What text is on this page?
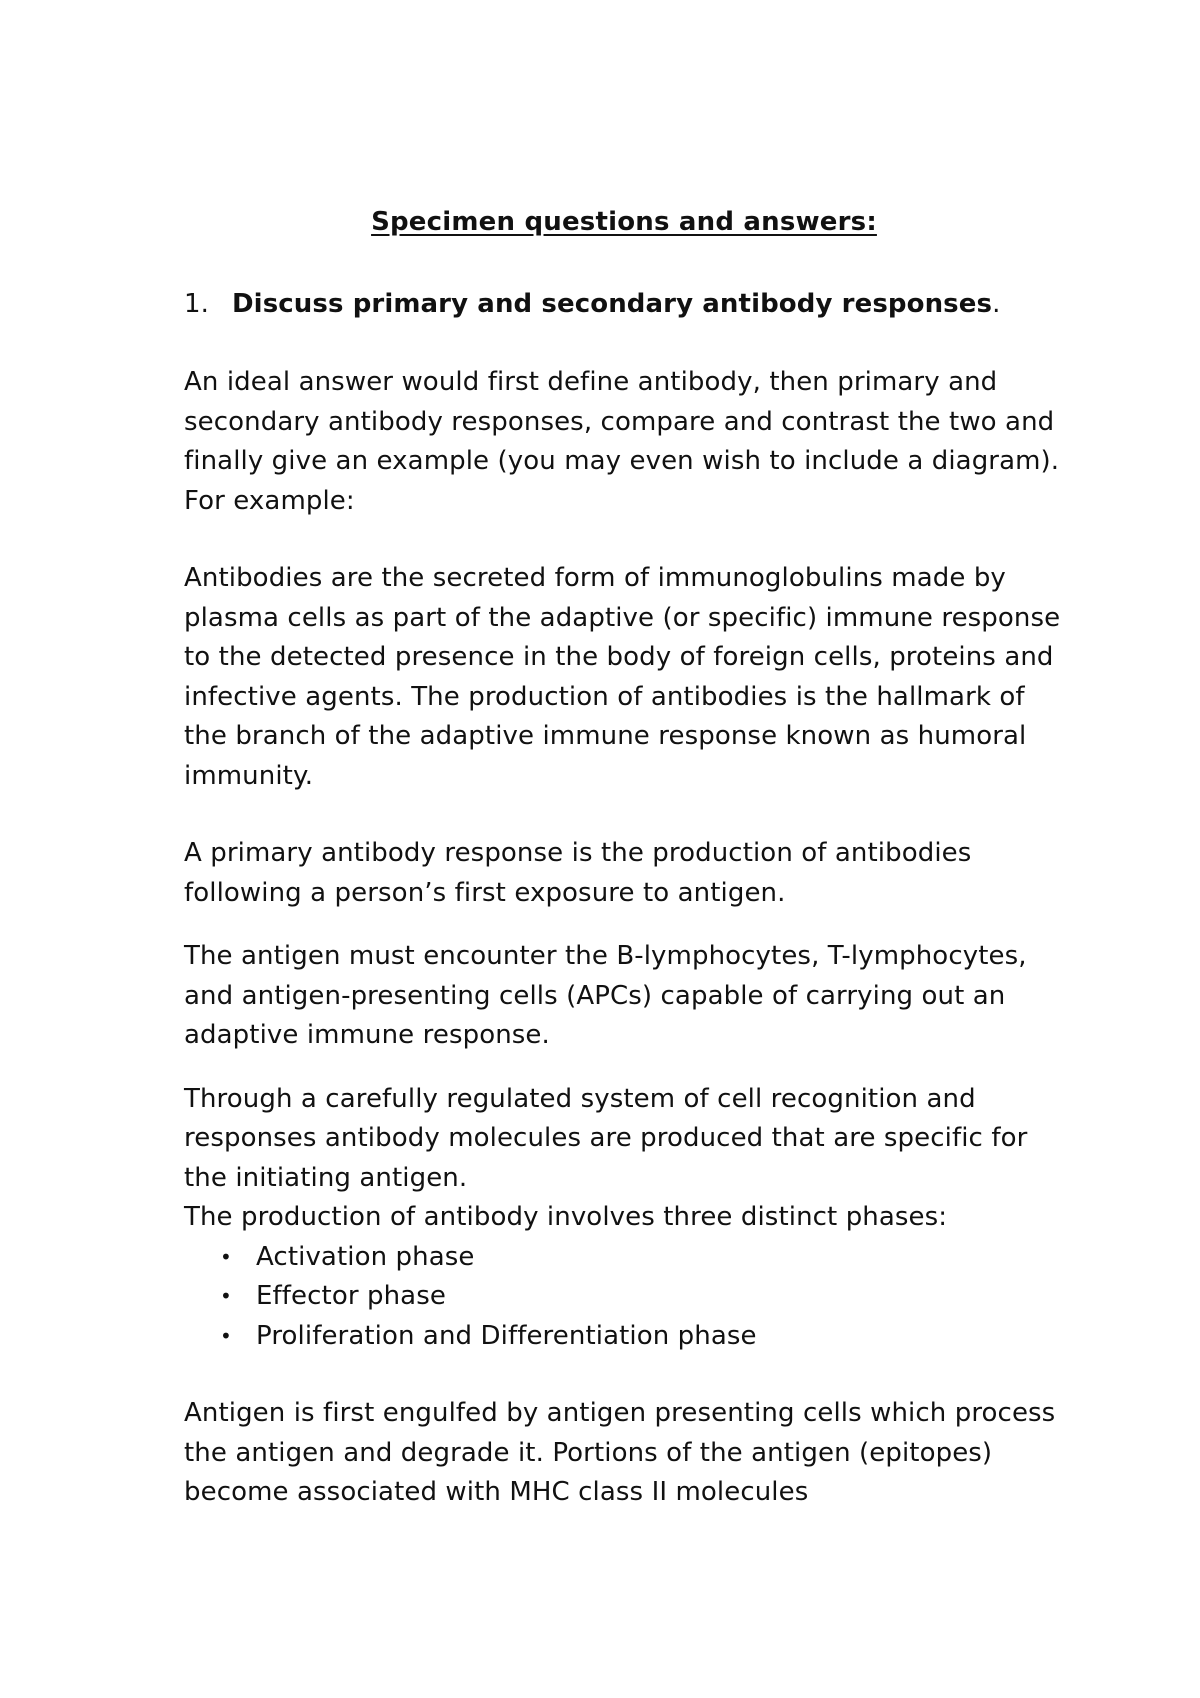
Specimen questions and answers:
1. Discuss primary and secondary antibody responses.

An ideal answer would first define antibody, then primary and secondary antibody responses, compare and contrast the two and finally give an example (you may even wish to include a diagram). For example:

Antibodies are the secreted form of immunoglobulins made by plasma cells as part of the adaptive (or specific) immune response to the detected presence in the body of foreign cells, proteins and infective agents. The production of antibodies is the hallmark of the branch of the adaptive immune response known as humoral immunity.

A primary antibody response is the production of antibodies following a person’s first exposure to antigen.

The antigen must encounter the B-lymphocytes, T-lymphocytes, and antigen-presenting cells (APCs) capable of carrying out an adaptive immune response.

Through a carefully regulated system of cell recognition and responses antibody molecules are produced that are specific for the initiating antigen.

The production of antibody involves three distinct phases:

• Activation phase
• Effector phase
• Proliferation and Differentiation phase

Antigen is first engulfed by antigen presenting cells which process the antigen and degrade it. Portions of the antigen (epitopes) become associated with MHC class II molecules
